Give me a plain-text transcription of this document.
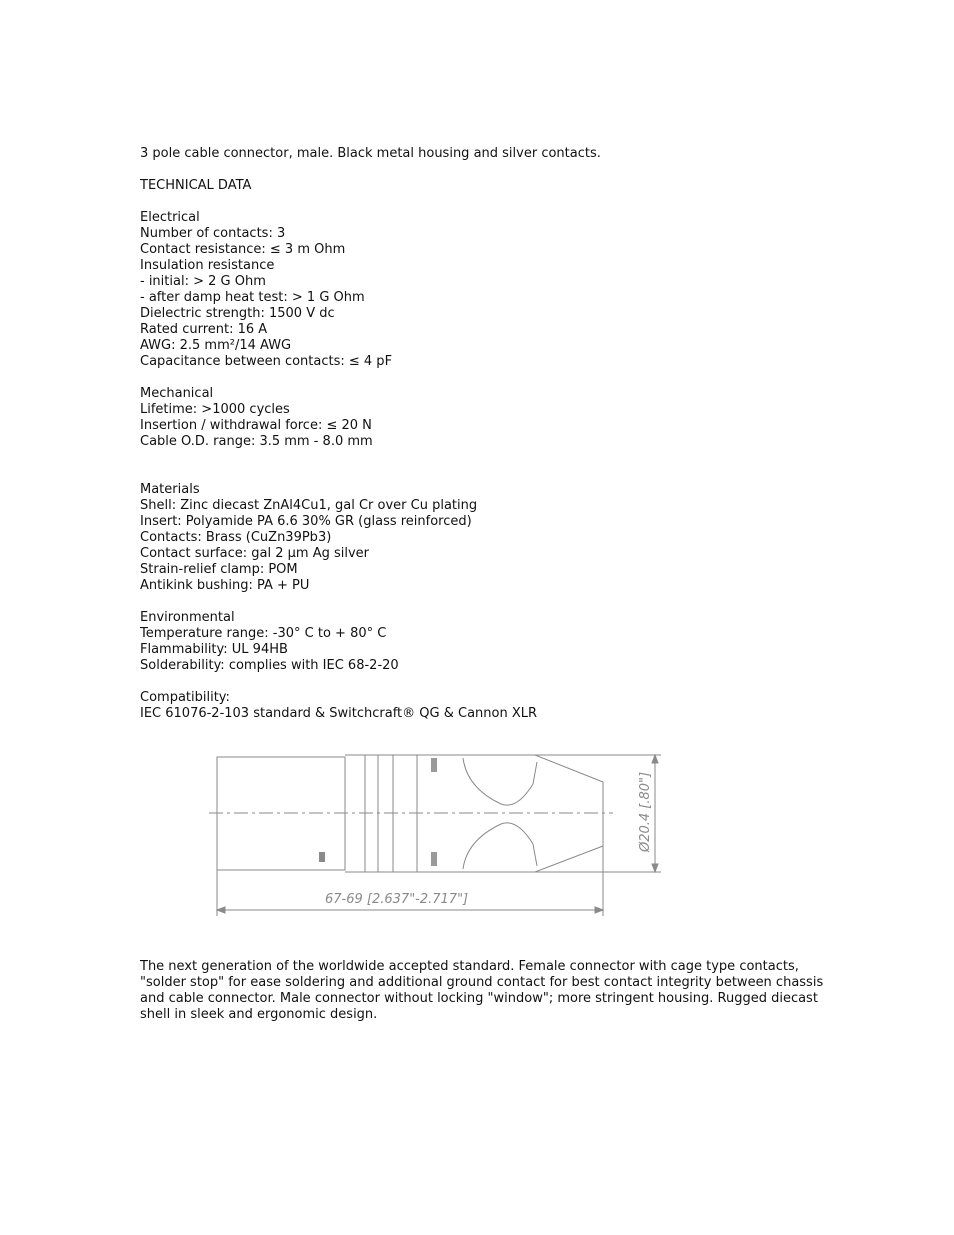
3 pole cable connector, male. Black metal housing and silver contacts.

TECHNICAL DATA

Electrical

Number of contacts: 3

Contact resistance: ≤ 3 m Ohm

Insulation resistance

- initial: > 2 G Ohm

- after damp heat test: > 1 G Ohm

Dielectric strength: 1500 V dc

Rated current: 16 A

AWG: 2.5 mm²/14 AWG

Capacitance between contacts: ≤ 4 pF

Mechanical

Lifetime: >1000 cycles

Insertion / withdrawal force: ≤ 20 N

Cable O.D. range: 3.5 mm - 8.0 mm

Materials

Shell: Zinc diecast ZnAl4Cu1, gal Cr over Cu plating

Insert: Polyamide PA 6.6 30% GR (glass reinforced)

Contacts: Brass (CuZn39Pb3)

Contact surface: gal 2 µm Ag silver

Strain-relief clamp: POM

Antikink bushing: PA + PU

Environmental

Temperature range: -30° C to + 80° C

Flammability: UL 94HB

Solderability: complies with IEC 68-2-20

Compatibility:

IEC 61076-2-103 standard & Switchcraft® QG & Cannon XLR

67-69 [2.637"-2.717"]
Ø20.4 [.80"]

The next generation of the worldwide accepted standard. Female connector with cage type contacts, "solder stop" for ease soldering and additional ground contact for best contact integrity between chassis and cable connector. Male connector without locking "window"; more stringent housing. Rugged diecast shell in sleek and ergonomic design.
